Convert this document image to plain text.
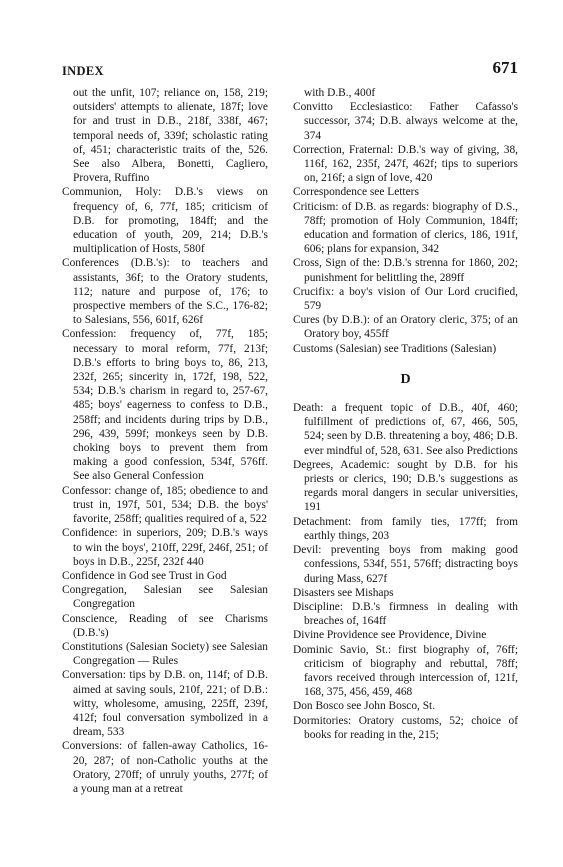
INDEX	671

out the unfit, 107; reliance on, 158, 219; outsiders' attempts to alienate, 187f; love for and trust in D.B., 218f, 338f, 467; temporal needs of, 339f; scholastic rating of, 451; characteristic traits of the, 526. See also Albera, Bonetti, Cagliero, Provera, Ruffino

Communion, Holy: D.B.'s views on frequency of, 6, 77f, 185; criticism of D.B. for promoting, 184ff; and the education of youth, 209, 214; D.B.'s multiplication of Hosts, 580f

Conferences (D.B.'s): to teachers and assistants, 36f; to the Oratory students, 112; nature and purpose of, 176; to prospective members of the S.C., 176-82; to Salesians, 556, 601f, 626f

Confession: frequency of, 77f, 185; necessary to moral reform, 77f, 213f; D.B.'s efforts to bring boys to, 86, 213, 232f, 265; sincerity in, 172f, 198, 522, 534; D.B.'s charism in regard to, 257-67, 485; boys' eagerness to confess to D.B., 258ff; and incidents during trips by D.B., 296, 439, 599f; monkeys seen by D.B. choking boys to prevent them from making a good confession, 534f, 576ff. See also General Confession

Confessor: change of, 185; obedience to and trust in, 197f, 501, 534; D.B. the boys' favorite, 258ff; qualities required of a, 522

Confidence: in superiors, 209; D.B.'s ways to win the boys', 210ff, 229f, 246f, 251; of boys in D.B., 225f, 232f 440

Confidence in God see Trust in God

Congregation, Salesian see Salesian Congregation

Conscience, Reading of see Charisms (D.B.'s)

Constitutions (Salesian Society) see Salesian Congregation — Rules

Conversation: tips by D.B. on, 114f; of D.B. aimed at saving souls, 210f, 221; of D.B.: witty, wholesome, amusing, 225ff, 239f, 412f; foul conversation symbolized in a dream, 533

Conversions: of fallen-away Catholics, 16-20, 287; of non-Catholic youths at the Oratory, 270ff; of unruly youths, 277f; of a young man at a retreat

with D.B., 400f

Convitto Ecclesiastico: Father Cafasso's successor, 374; D.B. always welcome at the, 374

Correction, Fraternal: D.B.'s way of giving, 38, 116f, 162, 235f, 247f, 462f; tips to superiors on, 216f; a sign of love, 420

Correspondence see Letters

Criticism: of D.B. as regards: biography of D.S., 78ff; promotion of Holy Communion, 184ff; education and formation of clerics, 186, 191f, 606; plans for expansion, 342

Cross, Sign of the: D.B.'s strenna for 1860, 202; punishment for belittling the, 289ff

Crucifix: a boy's vision of Our Lord crucified, 579

Cures (by D.B.): of an Oratory cleric, 375; of an Oratory boy, 455ff

Customs (Salesian) see Traditions (Salesian)

D

Death: a frequent topic of D.B., 40f, 460; fulfillment of predictions of, 67, 466, 505, 524; seen by D.B. threatening a boy, 486; D.B. ever mindful of, 528, 631. See also Predictions

Degrees, Academic: sought by D.B. for his priests or clerics, 190; D.B.'s suggestions as regards moral dangers in secular universities, 191

Detachment: from family ties, 177ff; from earthly things, 203

Devil: preventing boys from making good confessions, 534f, 551, 576ff; distracting boys during Mass, 627f

Disasters see Mishaps

Discipline: D.B.'s firmness in dealing with breaches of, 164ff

Divine Providence see Providence, Divine

Dominic Savio, St.: first biography of, 76ff; criticism of biography and rebuttal, 78ff; favors received through intercession of, 121f, 168, 375, 456, 459, 468

Don Bosco see John Bosco, St.

Dormitories: Oratory customs, 52; choice of books for reading in the, 215;
